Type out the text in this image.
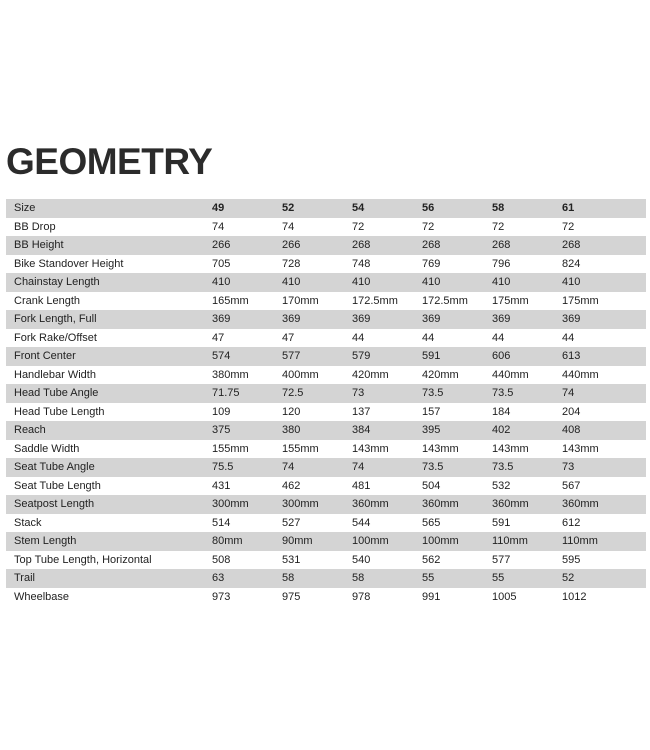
GEOMETRY
Size	49	52	54	56	58	61
BB Drop	74	74	72	72	72	72
BB Height	266	266	268	268	268	268
Bike Standover Height	705	728	748	769	796	824
Chainstay Length	410	410	410	410	410	410
Crank Length	165mm	170mm	172.5mm	172.5mm	175mm	175mm
Fork Length, Full	369	369	369	369	369	369
Fork Rake/Offset	47	47	44	44	44	44
Front Center	574	577	579	591	606	613
Handlebar Width	380mm	400mm	420mm	420mm	440mm	440mm
Head Tube Angle	71.75	72.5	73	73.5	73.5	74
Head Tube Length	109	120	137	157	184	204
Reach	375	380	384	395	402	408
Saddle Width	155mm	155mm	143mm	143mm	143mm	143mm
Seat Tube Angle	75.5	74	74	73.5	73.5	73
Seat Tube Length	431	462	481	504	532	567
Seatpost Length	300mm	300mm	360mm	360mm	360mm	360mm
Stack	514	527	544	565	591	612
Stem Length	80mm	90mm	100mm	100mm	110mm	110mm
Top Tube Length, Horizontal	508	531	540	562	577	595
Trail	63	58	58	55	55	52
Wheelbase	973	975	978	991	1005	1012
